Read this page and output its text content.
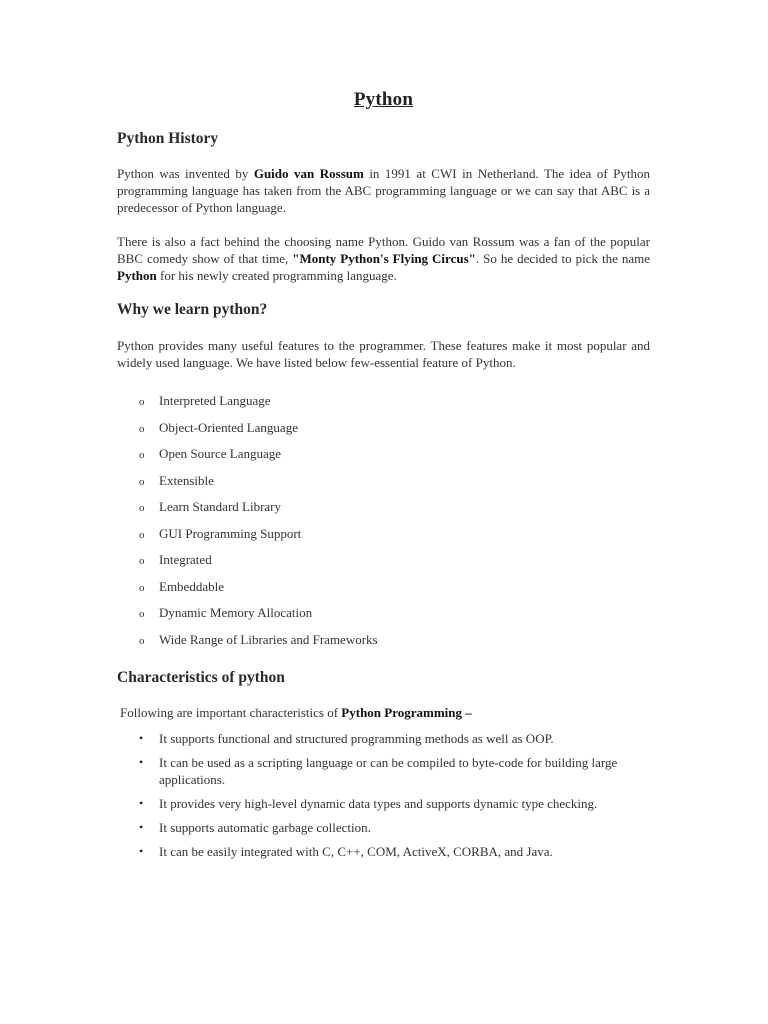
Python
Python History
Python was invented by Guido van Rossum in 1991 at CWI in Netherland. The idea of Python programming language has taken from the ABC programming language or we can say that ABC is a predecessor of Python language.
There is also a fact behind the choosing name Python. Guido van Rossum was a fan of the popular BBC comedy show of that time, "Monty Python's Flying Circus". So he decided to pick the name Python for his newly created programming language.
Why we learn python?
Python provides many useful features to the programmer. These features make it most popular and widely used language. We have listed below few-essential feature of Python.
o Interpreted Language
o Object-Oriented Language
o Open Source Language
o Extensible
o Learn Standard Library
o GUI Programming Support
o Integrated
o Embeddable
o Dynamic Memory Allocation
o Wide Range of Libraries and Frameworks
Characteristics of python
Following are important characteristics of Python Programming –
• It supports functional and structured programming methods as well as OOP.
• It can be used as a scripting language or can be compiled to byte-code for building large applications.
• It provides very high-level dynamic data types and supports dynamic type checking.
• It supports automatic garbage collection.
• It can be easily integrated with C, C++, COM, ActiveX, CORBA, and Java.
